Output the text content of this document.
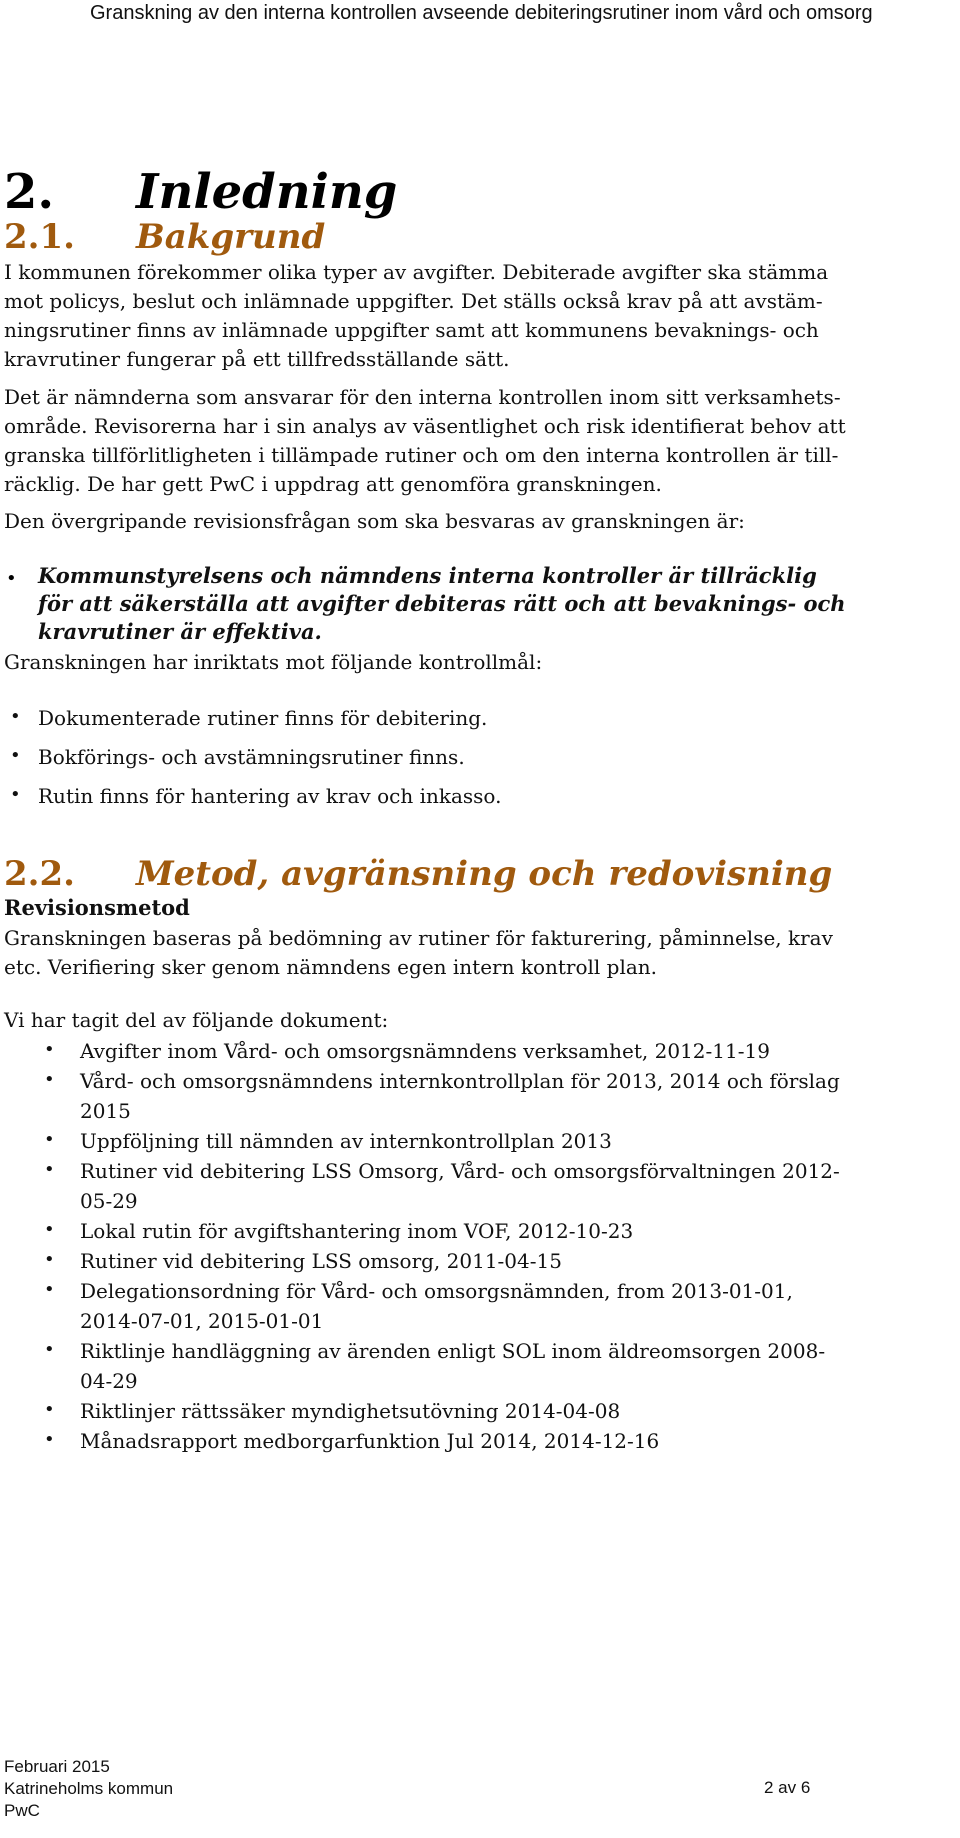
Granskning av den interna kontrollen avseende debiteringsrutiner inom vård och omsorg
2. Inledning
2.1. Bakgrund

I kommunen förekommer olika typer av avgifter. Debiterade avgifter ska stämma
mot policys, beslut och inlämnade uppgifter. Det ställs också krav på att avstäm-
ningsrutiner finns av inlämnade uppgifter samt att kommunens bevaknings- och
kravrutiner fungerar på ett tillfredsställande sätt.

Det är nämnderna som ansvarar för den interna kontrollen inom sitt verksamhets-
område. Revisorerna har i sin analys av väsentlighet och risk identifierat behov att
granska tillförlitligheten i tillämpade rutiner och om den interna kontrollen är till-
räcklig. De har gett PwC i uppdrag att genomföra granskningen.

Den övergripande revisionsfrågan som ska besvaras av granskningen är:

• Kommunstyrelsens och nämndens interna kontroller är tillräcklig
för att säkerställa att avgifter debiteras rätt och att bevaknings- och
kravrutiner är effektiva.

Granskningen har inriktats mot följande kontrollmål:

• Dokumenterade rutiner finns för debitering.
• Bokförings- och avstämningsrutiner finns.
• Rutin finns för hantering av krav och inkasso.
2.2. Metod, avgränsning och redovisning
Revisionsmetod

Granskningen baseras på bedömning av rutiner för fakturering, påminnelse, krav
etc. Verifiering sker genom nämndens egen intern kontroll plan.

Vi har tagit del av följande dokument:

• Avgifter inom Vård- och omsorgsnämndens verksamhet, 2012-11-19
• Vård- och omsorgsnämndens internkontrollplan för 2013, 2014 och förslag
2015
• Uppföljning till nämnden av internkontrollplan 2013
• Rutiner vid debitering LSS Omsorg, Vård- och omsorgsförvaltningen 2012-
05-29
• Lokal rutin för avgiftshantering inom VOF, 2012-10-23
• Rutiner vid debitering LSS omsorg, 2011-04-15
• Delegationsordning för Vård- och omsorgsnämnden, from 2013-01-01,
2014-07-01, 2015-01-01
• Riktlinje handläggning av ärenden enligt SOL inom äldreomsorgen 2008-
04-29
• Riktlinjer rättssäker myndighetsutövning 2014-04-08
• Månadsrapport medborgarfunktion Jul 2014, 2014-12-16
Februari 2015
Katrineholms kommun
PwC
2 av 6
